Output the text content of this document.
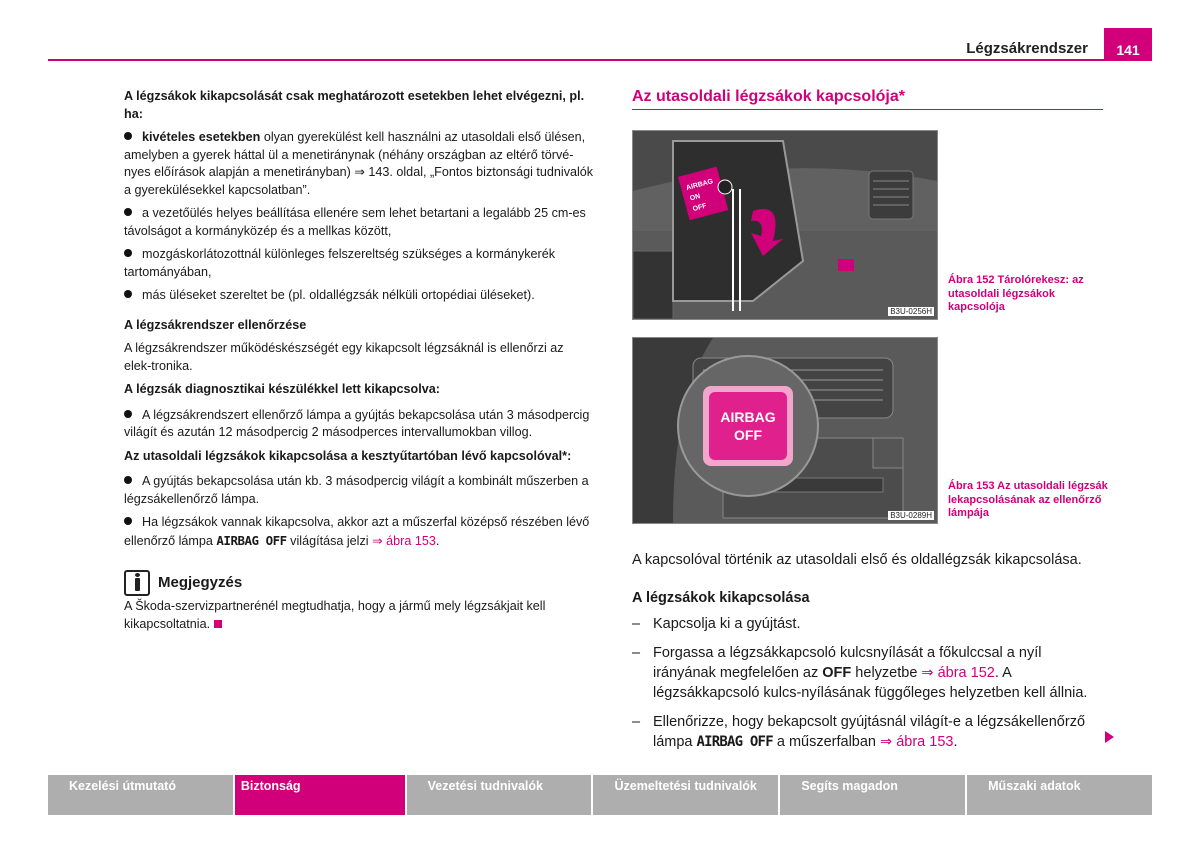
Légzsákrendszer	141

A légzsákok kikapcsolását csak meghatározott esetekben lehet elvégezni, pl. ha:

kivételes esetekben olyan gyerekülést kell használni az utasoldali első ülésen, amelyben a gyerek háttal ül a menetiránynak (néhány országban az eltérő törvé-nyes előírások alapján a menetirányban) ⇒ 143. oldal, „Fontos biztonsági tudnivalók a gyerekülésekkel kapcsolatban”.

a vezetőülés helyes beállítása ellenére sem lehet betartani a legalább 25 cm-es távolságot a kormányközép és a mellkas között,

mozgáskorlátozottnál különleges felszereltség szükséges a kormánykerék tartományában,

más üléseket szereltet be (pl. oldallégzsák nélküli ortopédiai üléseket).

A légzsákrendszer ellenőrzése

A légzsákrendszer működéskészségét egy kikapcsolt légzsáknál is ellenőrzi az elek-tronika.

A légzsák diagnosztikai készülékkel lett kikapcsolva:

A légzsákrendszert ellenőrző lámpa a gyújtás bekapcsolása után 3 másodpercig világít és azután 12 másodpercig 2 másodperces intervallumokban villog.

Az utasoldali légzsákok kikapcsolása a kesztyűtartóban lévő kapcsolóval*:

A gyújtás bekapcsolása után kb. 3 másodpercig világít a kombinált műszerben a légzsákellenőrző lámpa.

Ha légzsákok vannak kikapcsolva, akkor azt a műszerfal középső részében lévő ellenőrző lámpa AIRBAG OFF világítása jelzi ⇒ ábra 153.

Megjegyzés

A Škoda-szervizpartnerénél megtudhatja, hogy a jármű mely légzsákjait kell kikapcsoltatnia.

Az utasoldali légzsákok kapcsolója*
AIRBAG
ON
OFF
B3U-0256H
Ábra 152 Tárolórekesz: az utasoldali légzsákok kapcsolója
AIRBAG
OFF
B3U-0289H
Ábra 153 Az utasoldali légzsák lekapcsolásának az ellenőrző lámpája

A kapcsolóval történik az utasoldali első és oldallégzsák kikapcsolása.

A légzsákok kikapcsolása

– Kapcsolja ki a gyújtást.

– Forgassa a légzsákkapcsoló kulcsnyílását a főkulccsal a nyíl irányának megfelelően az OFF helyzetbe ⇒ ábra 152. A légzsákkapcsoló kulcs-nyílásának függőleges helyzetben kell állnia.

– Ellenőrizze, hogy bekapcsolt gyújtásnál világít-e a légzsákellenőrző lámpa AIRBAG OFF a műszerfalban ⇒ ábra 153.

Kezelési útmutató	Biztonság	Vezetési tudnivalók	Üzemeltetési tudnivalók	Segíts magadon	Műszaki adatok
